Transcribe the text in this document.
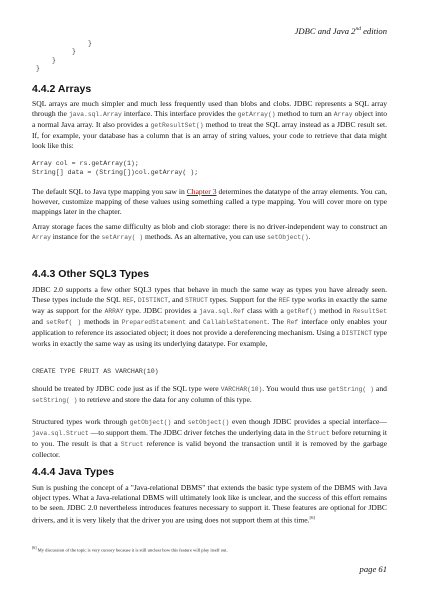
JDBC and Java 2nd edition
}
}
}
}
4.4.2 Arrays

SQL arrays are much simpler and much less frequently used than blobs and clobs. JDBC represents a SQL array through the java.sql.Array interface. This interface provides the getArray() method to turn an Array object into a normal Java array. It also provides a getResultSet() method to treat the SQL array instead as a JDBC result set. If, for example, your database has a column that is an array of string values, your code to retrieve that data might look like this:

Array col = rs.getArray(1);
String[] data = (String[])col.getArray( );

The default SQL to Java type mapping you saw in Chapter 3 determines the datatype of the array elements. You can, however, customize mapping of these values using something called a type mapping. You will cover more on type mappings later in the chapter.

Array storage faces the same difficulty as blob and clob storage: there is no driver-independent way to construct an Array instance for the setArray( ) methods. As an alternative, you can use setObject().

4.4.3 Other SQL3 Types

JDBC 2.0 supports a few other SQL3 types that behave in much the same way as types you have already seen. These types include the SQL REF, DISTINCT, and STRUCT types. Support for the REF type works in exactly the same way as support for the ARRAY type. JDBC provides a java.sql.Ref class with a getRef() method in ResultSet and setRef( ) methods in PreparedStatement and CallableStatement. The Ref interface only enables your application to reference its associated object; it does not provide a dereferencing mechanism. Using a DISTINCT type works in exactly the same way as using its underlying datatype. For example,

CREATE TYPE FRUIT AS VARCHAR(10)

should be treated by JDBC code just as if the SQL type were VARCHAR(10). You would thus use getString( ) and setString( ) to retrieve and store the data for any column of this type.

Structured types work through getObject() and setObject() even though JDBC provides a special interface—java.sql.Struct —to support them. The JDBC driver fetches the underlying data in the Struct before returning it to you. The result is that a Struct reference is valid beyond the transaction until it is removed by the garbage collector.

4.4.4 Java Types

Sun is pushing the concept of a "Java-relational DBMS" that extends the basic type system of the DBMS with Java object types. What a Java-relational DBMS will ultimately look like is unclear, and the success of this effort remains to be seen. JDBC 2.0 nevertheless introduces features necessary to support it. These features are optional for JDBC drivers, and it is very likely that the driver you are using does not support them at this time.[6]

[6] My discussion of the topic is very cursory because it is still unclear how this feature will play itself out.
page 61
